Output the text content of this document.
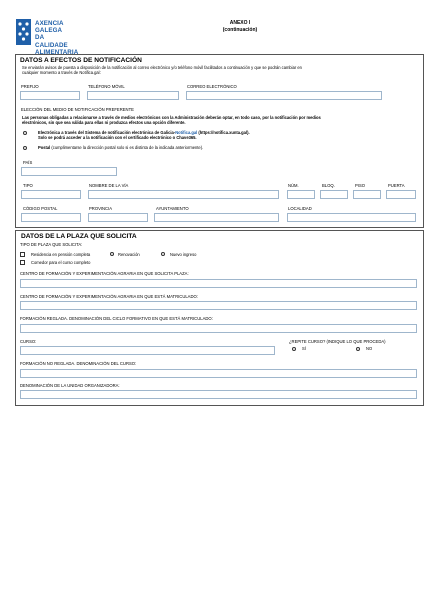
AXENCIA GALEGA
DA CALIDADE
ALIMENTARIA
ANEXO I
(continuación)
DATOS A EFECTOS DE NOTIFICACIÓN
Se enviarán avisos de puesta a disposición de la notificación al correo electrónico y/o teléfono móvil facilitados a continuación y que se podrán cambiar en
cualquier momento a través de Notifica.gal:
PREFIJO	TELÉFONO MÓVIL	CORREO ELECTRÓNICO
ELECCIÓN DEL MEDIO DE NOTIFICACIÓN PREFERENTE
Las personas obligadas a relacionarse a través de medios electrónicos con la Administración deberán optar, en todo caso, por la notificación por medios
electrónicos, sin que sea válida para ellas ni produzca efectos una opción diferente.
Electrónica a través del Sistema de notificación electrónica de Galicia-Notifica.gal (https://notifica.xunta.gal).
Solo se podrá acceder a la notificación con el certificado electrónico o Chave365.
Postal (cumplimentarse la dirección postal solo si es distinta de la indicada anteriormente).
PAÍS
TIPO	NOMBRE DE LA VÍA	NÚM.	BLOQ.	PISO	PUERTA
CÓDIGO POSTAL	PROVINCIA	AYUNTAMIENTO	LOCALIDAD
DATOS DE LA PLAZA QUE SOLICITA
TIPO DE PLAZA QUE SOLICITA:
Residencia en pensión completa	Renovación	Nuevo ingreso
Comedor para el curso completo
CENTRO DE FORMACIÓN Y EXPERIMENTACIÓN AGRARIA EN QUE SOLICITA PLAZA:
CENTRO DE FORMACIÓN Y EXPERIMENTACIÓN AGRARIA EN QUE ESTÁ MATRICULADO:
FORMACIÓN REGLADA. DENOMINACIÓN DEL CICLO FORMATIVO EN QUE ESTÁ MATRICULADO:
CURSO:	¿REPITE CURSO? (INDIQUE LO QUE PROCEDA)
SÍ	NO
FORMACIÓN NO REGLADA. DENOMINACIÓN DEL CURSO:
DENOMINACIÓN DE LA UNIDAD ORGANIZADORA:
